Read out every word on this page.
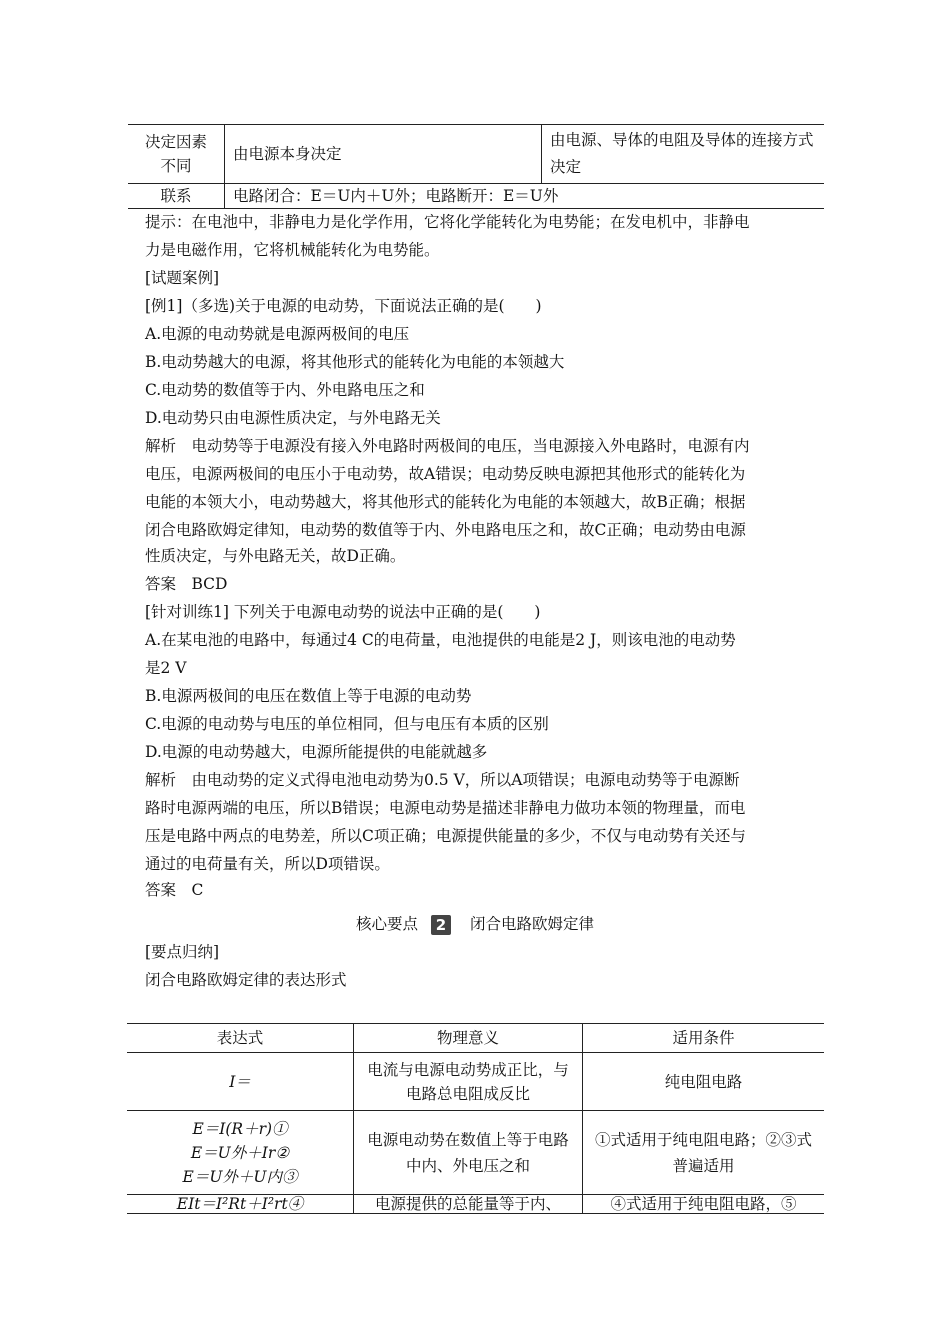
决定因素不同	由电源本身决定	由电源、导体的电阻及导体的连接方式决定
联系	电路闭合：E＝U内＋U外；电路断开：E＝U外	
提示：在电池中，非静电力是化学作用，它将化学能转化为电势能；在发电机中，非静电
力是电磁作用，它将机械能转化为电势能。
[试题案例]
[例1]（多选)关于电源的电动势，下面说法正确的是(　　)
A.电源的电动势就是电源两极间的电压
B.电动势越大的电源，将其他形式的能转化为电能的本领越大
C.电动势的数值等于内、外电路电压之和
D.电动势只由电源性质决定，与外电路无关
解析　电动势等于电源没有接入外电路时两极间的电压，当电源接入外电路时，电源有内
电压，电源两极间的电压小于电动势，故A错误；电动势反映电源把其他形式的能转化为
电能的本领大小，电动势越大，将其他形式的能转化为电能的本领越大，故B正确；根据
闭合电路欧姆定律知，电动势的数值等于内、外电路电压之和，故C正确；电动势由电源
性质决定，与外电路无关，故D正确。
答案　BCD
[针对训练1] 下列关于电源电动势的说法中正确的是(　　)
A.在某电池的电路中，每通过4 C的电荷量，电池提供的电能是2 J，则该电池的电动势
是2 V
B.电源两极间的电压在数值上等于电源的电动势
C.电源的电动势与电压的单位相同，但与电压有本质的区别
D.电源的电动势越大，电源所能提供的电能就越多
解析　由电动势的定义式得电池电动势为0.5 V，所以A项错误；电源电动势等于电源断
路时电源两端的电压，所以B错误；电源电动势是描述非静电力做功本领的物理量，而电
压是电路中两点的电势差，所以C项正确；电源提供能量的多少，不仅与电动势有关还与
通过的电荷量有关，所以D项错误。
答案　C
核心要点 2 闭合电路欧姆定律
[要点归纳]
闭合电路欧姆定律的表达形式
表达式	物理意义	适用条件
I＝	电流与电源电动势成正比，与电路总电阻成反比	纯电阻电路

E＝I(R＋r)①
E＝U外＋Ir②
E＝U外＋U内③	电源电动势在数值上等于电路中内、外电压之和	①式适用于纯电阻电路；②③式普遍适用
EIt＝I²Rt＋I²rt④	电源提供的总能量等于内、	④式适用于纯电阻电路，⑤
